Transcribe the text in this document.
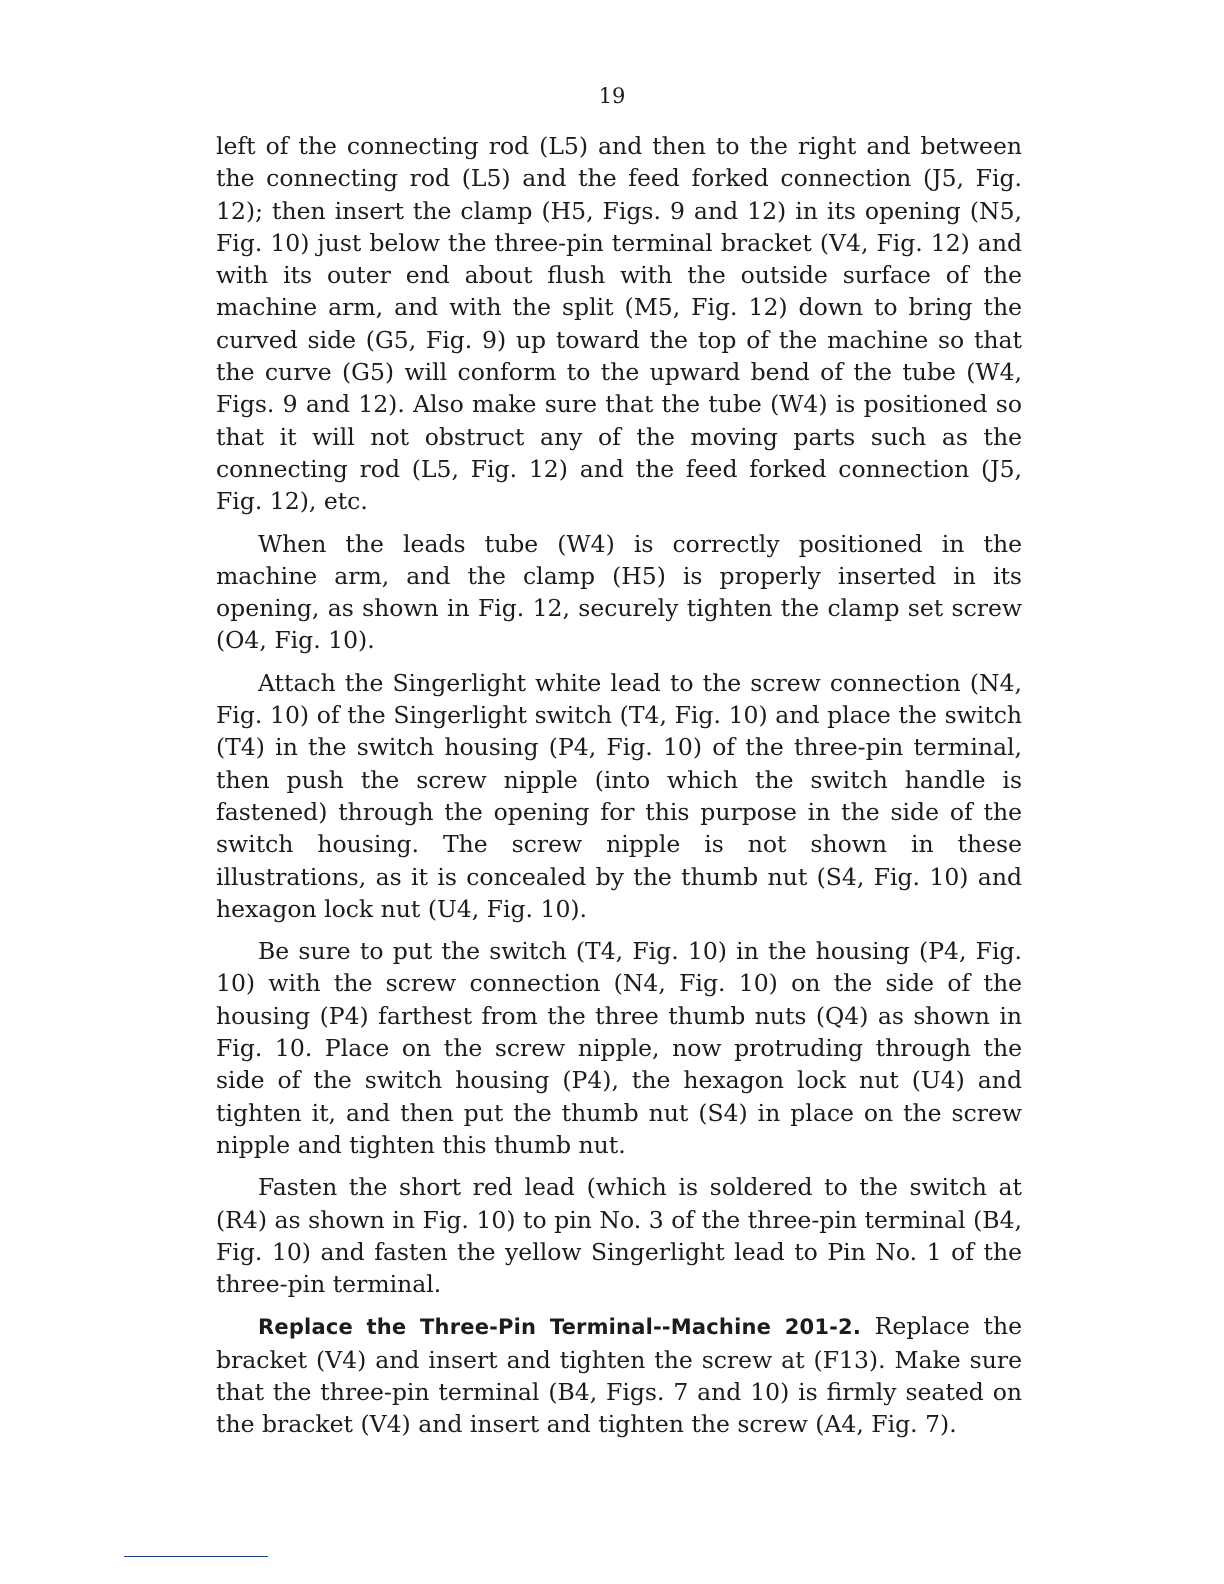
19

left of the connecting rod (L5) and then to the right and between the connecting rod (L5) and the feed forked connection (J5, Fig. 12); then insert the clamp (H5, Figs. 9 and 12) in its opening (N5, Fig. 10) just below the three-pin terminal bracket (V4, Fig. 12) and with its outer end about flush with the outside surface of the machine arm, and with the split (M5, Fig. 12) down to bring the curved side (G5, Fig. 9) up toward the top of the machine so that the curve (G5) will conform to the upward bend of the tube (W4, Figs. 9 and 12). Also make sure that the tube (W4) is positioned so that it will not obstruct any of the moving parts such as the connecting rod (L5, Fig. 12) and the feed forked connection (J5, Fig. 12), etc.

When the leads tube (W4) is correctly positioned in the machine arm, and the clamp (H5) is properly inserted in its opening, as shown in Fig. 12, securely tighten the clamp set screw (O4, Fig. 10).

Attach the Singerlight white lead to the screw connection (N4, Fig. 10) of the Singerlight switch (T4, Fig. 10) and place the switch (T4) in the switch housing (P4, Fig. 10) of the three-pin terminal, then push the screw nipple (into which the switch handle is fastened) through the opening for this purpose in the side of the switch housing. The screw nipple is not shown in these illustrations, as it is concealed by the thumb nut (S4, Fig. 10) and hexagon lock nut (U4, Fig. 10).

Be sure to put the switch (T4, Fig. 10) in the housing (P4, Fig. 10) with the screw connection (N4, Fig. 10) on the side of the housing (P4) farthest from the three thumb nuts (Q4) as shown in Fig. 10. Place on the screw nipple, now protruding through the side of the switch housing (P4), the hexagon lock nut (U4) and tighten it, and then put the thumb nut (S4) in place on the screw nipple and tighten this thumb nut.

Fasten the short red lead (which is soldered to the switch at (R4) as shown in Fig. 10) to pin No. 3 of the three-pin terminal (B4, Fig. 10) and fasten the yellow Singerlight lead to Pin No. 1 of the three-pin terminal.

Replace the Three-Pin Terminal--Machine 201-2. Replace the bracket (V4) and insert and tighten the screw at (F13). Make sure that the three-pin terminal (B4, Figs. 7 and 10) is firmly seated on the bracket (V4) and insert and tighten the screw (A4, Fig. 7).
